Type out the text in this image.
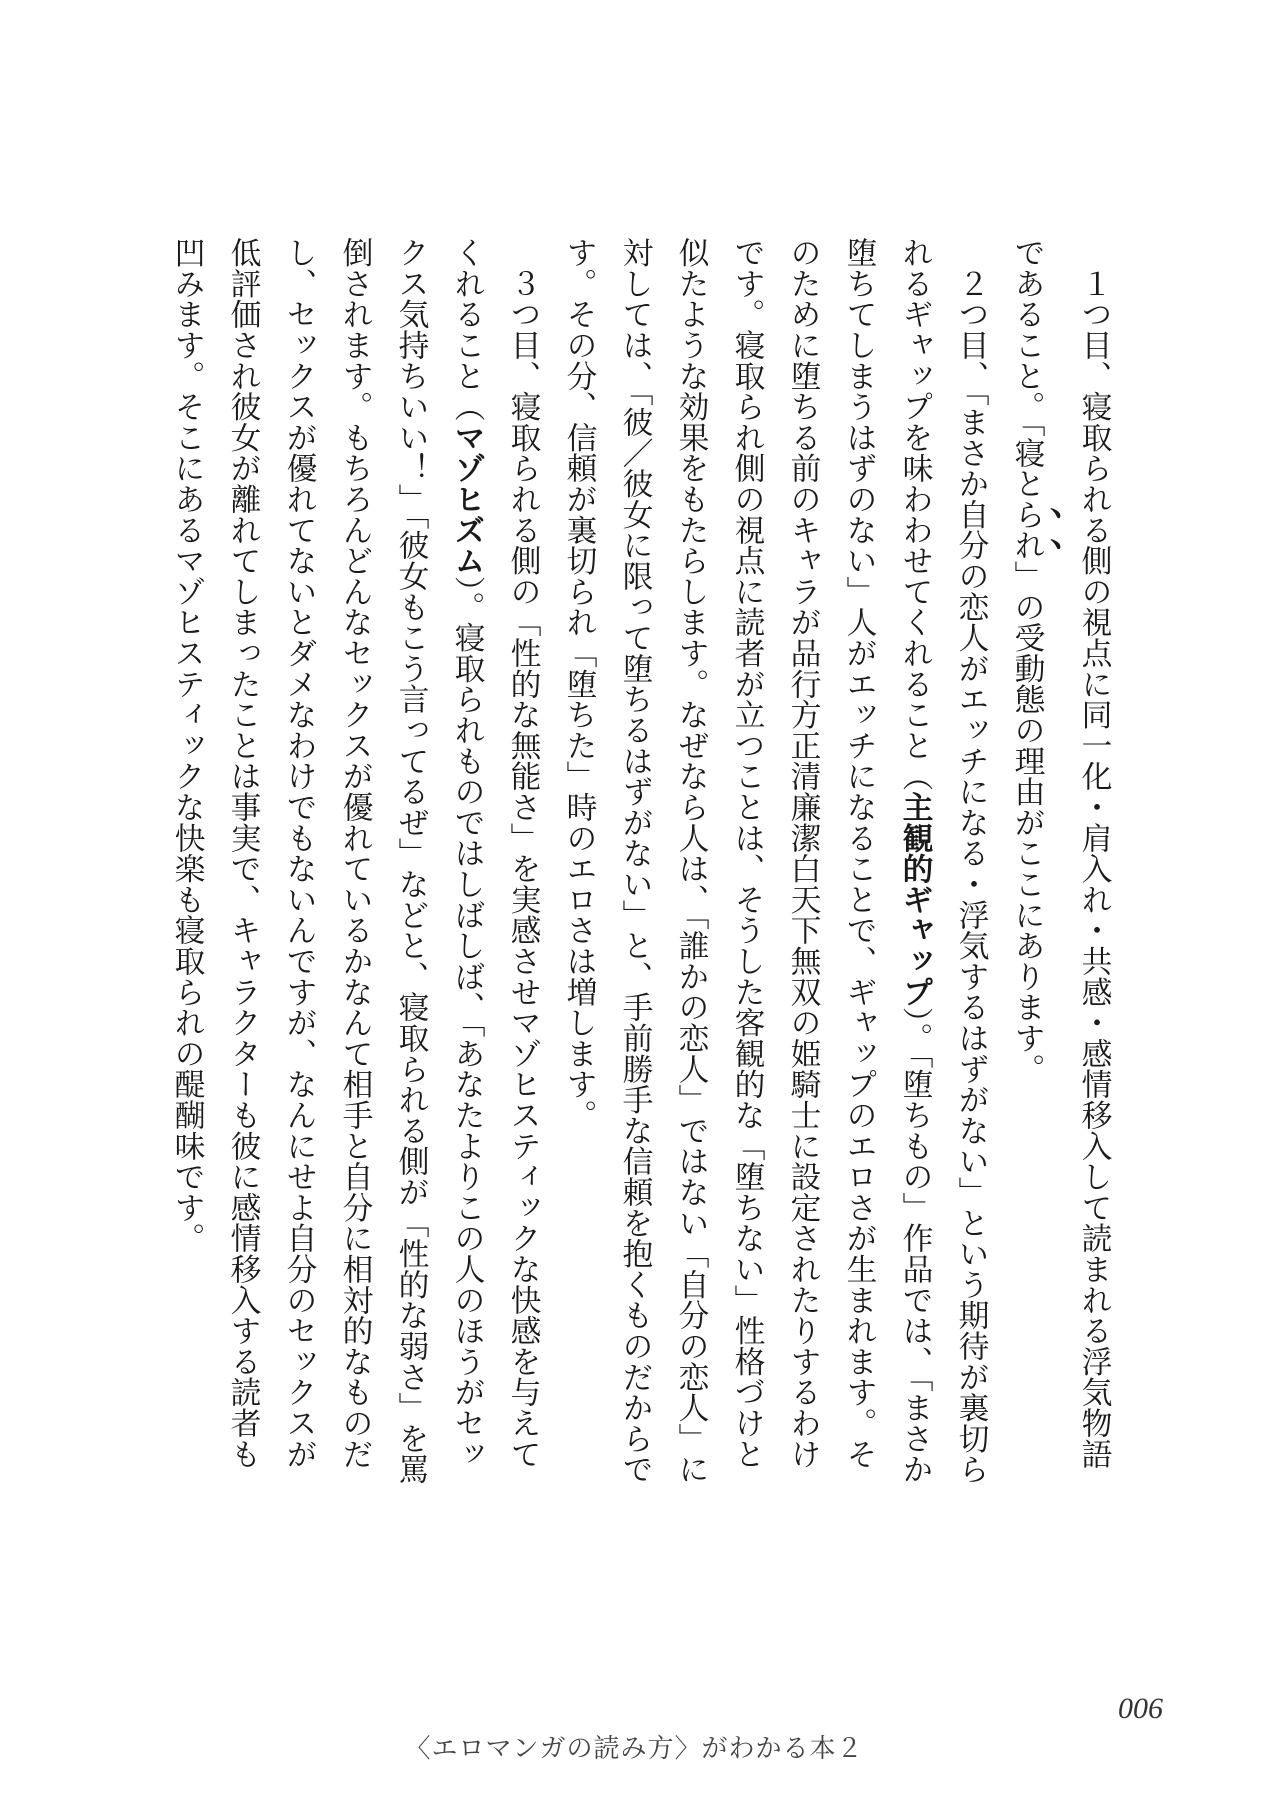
　１つ目、寝取られる側の視点に同一化・肩入れ・共感・感情移入して読まれる浮気物語
であること。「寝とられ」の受動態の理由がここにあります。
　２つ目、「まさか自分の恋人がエッチになる・浮気するはずがない」という期待が裏切ら
れるギャップを味わわせてくれること（主観的ギャップ）。「堕ちもの」作品では、「まさか
堕ちてしまうはずのない」人がエッチになることで、ギャップのエロさが生まれます。そ
のために堕ちる前のキャラが品行方正清廉潔白天下無双の姫騎士に設定されたりするわけ
です。寝取られ側の視点に読者が立つことは、そうした客観的な「堕ちない」性格づけと
似たような効果をもたらします。なぜなら人は、「誰かの恋人」ではない「自分の恋人」に
対しては、「彼／彼女に限って堕ちるはずがない」と、手前勝手な信頼を抱くものだからで
す。その分、信頼が裏切られ「堕ちた」時のエロさは増します。
　３つ目、寝取られる側の「性的な無能さ」を実感させマゾヒスティックな快感を与えて
くれること（マゾヒズム）。寝取られものではしばしば、「あなたよりこの人のほうがセッ
クス気持ちいい！」「彼女もこう言ってるぜ」などと、寝取られる側が「性的な弱さ」を罵
倒されます。もちろんどんなセックスが優れているかなんて相手と自分に相対的なものだ
し、セックスが優れてないとダメなわけでもないんですが、なんにせよ自分のセックスが
低評価され彼女が離れてしまったことは事実で、キャラクターも彼に感情移入する読者も
凹みます。そこにあるマゾヒスティックな快楽も寝取られの醍醐味です。
006
〈エロマンガの読み方〉がわかる本２
